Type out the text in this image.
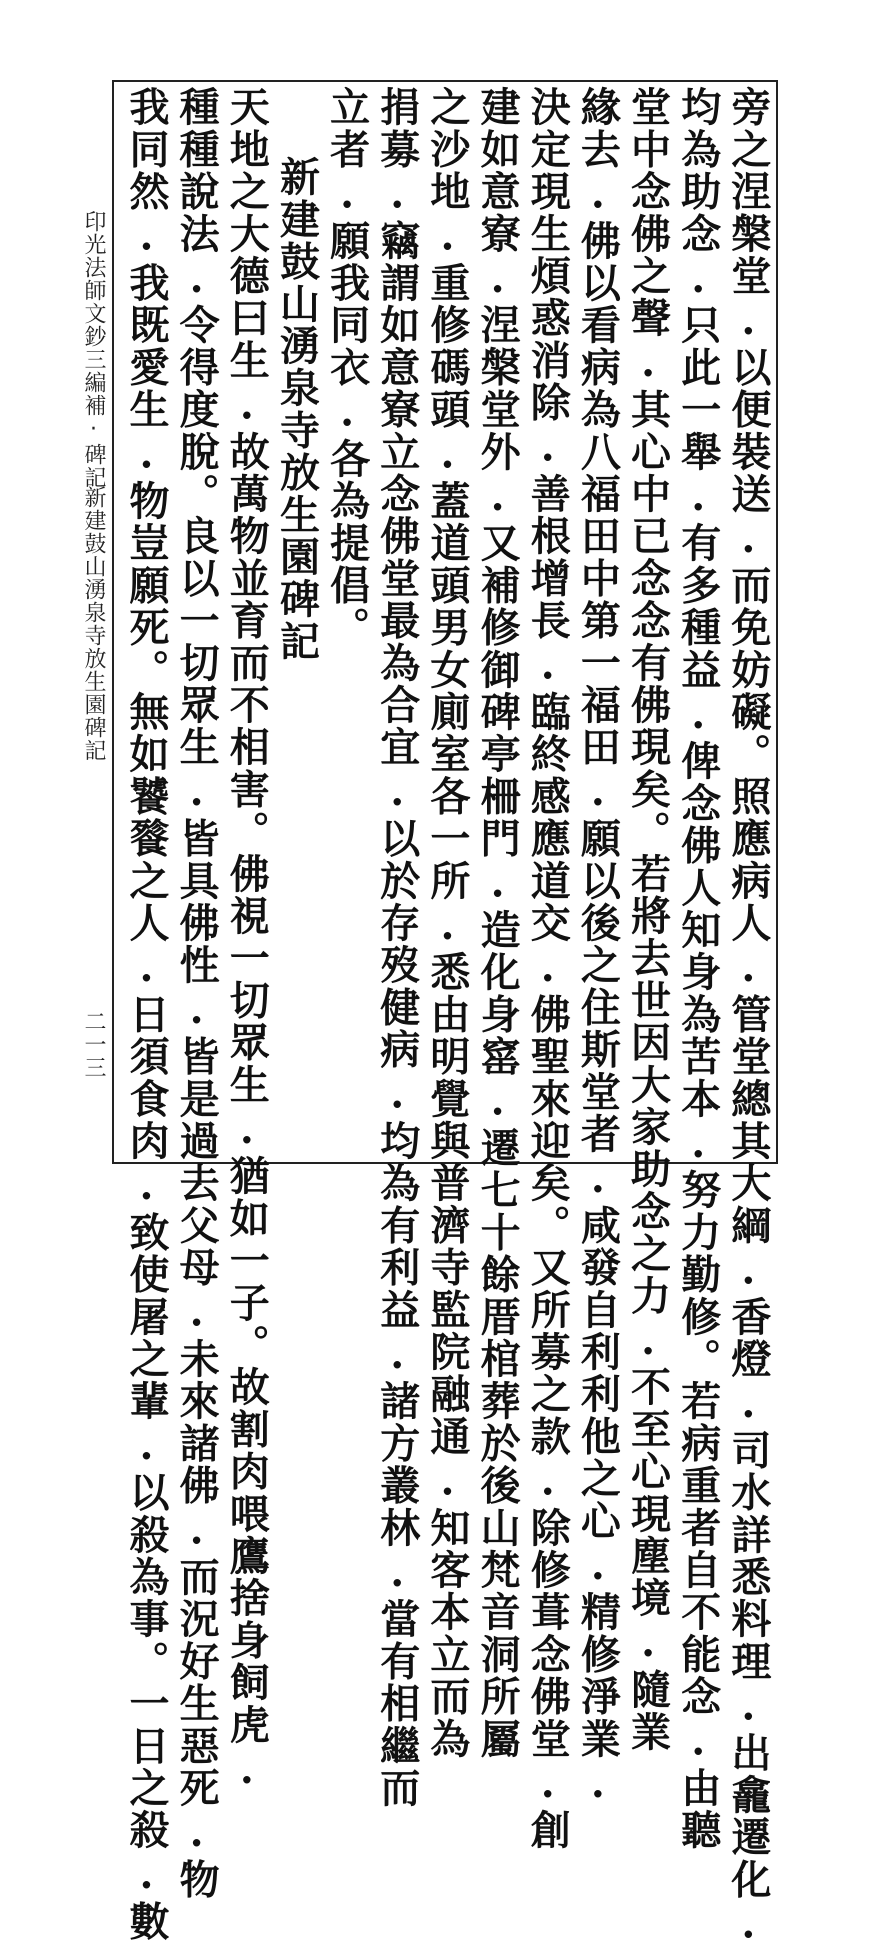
印光法師文鈔三編補·碑記
新建鼓山湧泉寺放生園碑記
二一三	旁之涅槃堂.以便裝送.而免妨礙。照應病人.管堂總其大綱.香燈.司水詳悉料理.出龕遷化.
均為助念.只此一舉.有多種益.俾念佛人知身為苦本.努力勤修。若病重者自不能念.由聽
堂中念佛之聲.其心中已念念有佛現矣。若將去世因大家助念之力.不至心現塵境.隨業
緣去.佛以看病為八福田中第一福田.願以後之住斯堂者.咸發自利利他之心.精修淨業.
決定現生煩惑消除.善根增長.臨終感應道交.佛聖來迎矣。又所募之款.除修葺念佛堂.創
建如意寮.涅槃堂外.又補修御碑亭柵門.造化身窰.遷七十餘厝棺葬於後山梵音洞所屬
之沙地.重修碼頭.蓋道頭男女廁室各一所.悉由明覺與普濟寺監院融通.知客本立而為
捐募.竊謂如意寮立念佛堂最為合宜.以於存歿健病.均為有利益.諸方叢林.當有相繼而
立者.願我同衣.各為提倡。
新建鼓山湧泉寺放生園碑記
天地之大德曰生.故萬物並育而不相害。佛視一切眾生.猶如一子。故割肉喂鷹捨身飼虎.
種種說法.令得度脫。良以一切眾生.皆具佛性.皆是過去父母.未來諸佛.而況好生惡死.物
我同然.我既愛生.物豈願死。無如饕餮之人.日須食肉.致使屠之輩.以殺為事。一日之殺.數
